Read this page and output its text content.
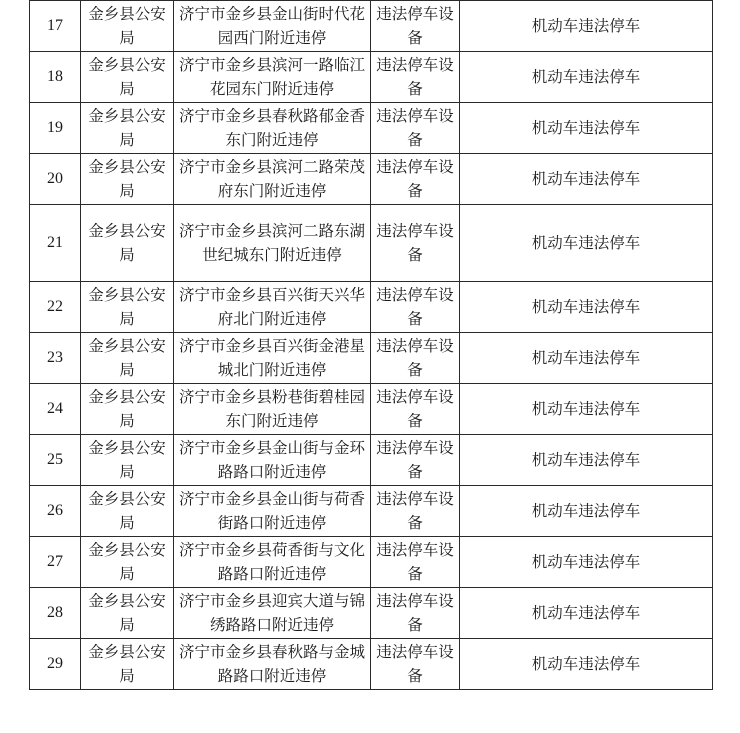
17	金乡县公安局	济宁市金乡县金山街时代花园西门附近违停	违法停车设备	机动车违法停车
18	金乡县公安局	济宁市金乡县滨河一路临江花园东门附近违停	违法停车设备	机动车违法停车
19	金乡县公安局	济宁市金乡县春秋路郁金香东门附近违停	违法停车设备	机动车违法停车
20	金乡县公安局	济宁市金乡县滨河二路荣茂府东门附近违停	违法停车设备	机动车违法停车
21	金乡县公安局	济宁市金乡县滨河二路东湖世纪城东门附近违停	违法停车设备	机动车违法停车
22	金乡县公安局	济宁市金乡县百兴街天兴华府北门附近违停	违法停车设备	机动车违法停车
23	金乡县公安局	济宁市金乡县百兴街金港星城北门附近违停	违法停车设备	机动车违法停车
24	金乡县公安局	济宁市金乡县粉巷街碧桂园东门附近违停	违法停车设备	机动车违法停车
25	金乡县公安局	济宁市金乡县金山街与金环路路口附近违停	违法停车设备	机动车违法停车
26	金乡县公安局	济宁市金乡县金山街与荷香街路口附近违停	违法停车设备	机动车违法停车
27	金乡县公安局	济宁市金乡县荷香街与文化路路口附近违停	违法停车设备	机动车违法停车
28	金乡县公安局	济宁市金乡县迎宾大道与锦绣路路口附近违停	违法停车设备	机动车违法停车
29	金乡县公安局	济宁市金乡县春秋路与金城路路口附近违停	违法停车设备	机动车违法停车
